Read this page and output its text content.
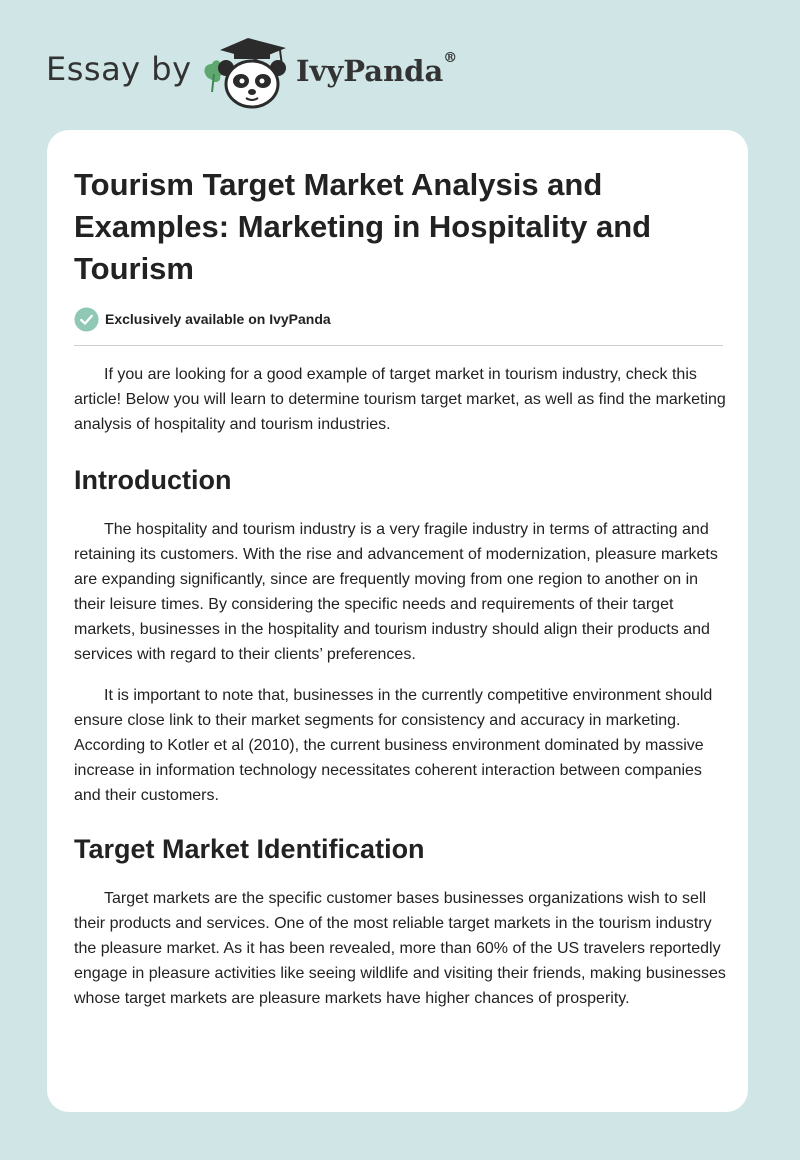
Essay by	IvyPanda®
Tourism Target Market Analysis and Examples: Marketing in Hospitality and Tourism
Exclusively available on IvyPanda

If you are looking for a good example of target market in tourism industry, check this article! Below you will learn to determine tourism target market, as well as find the marketing analysis of hospitality and tourism industries.

Introduction

The hospitality and tourism industry is a very fragile industry in terms of attracting and retaining its customers. With the rise and advancement of modernization, pleasure markets are expanding significantly, since are frequently moving from one region to another on in their leisure times. By considering the specific needs and requirements of their target markets, businesses in the hospitality and tourism industry should align their products and services with regard to their clients’ preferences.

It is important to note that, businesses in the currently competitive environment should ensure close link to their market segments for consistency and accuracy in marketing. According to Kotler et al (2010), the current business environment dominated by massive increase in information technology necessitates coherent interaction between companies and their customers.

Target Market Identification

Target markets are the specific customer bases businesses organizations wish to sell their products and services. One of the most reliable target markets in the tourism industry the pleasure market. As it has been revealed, more than 60% of the US travelers reportedly engage in pleasure activities like seeing wildlife and visiting their friends, making businesses whose target markets are pleasure markets have higher chances of prosperity.
